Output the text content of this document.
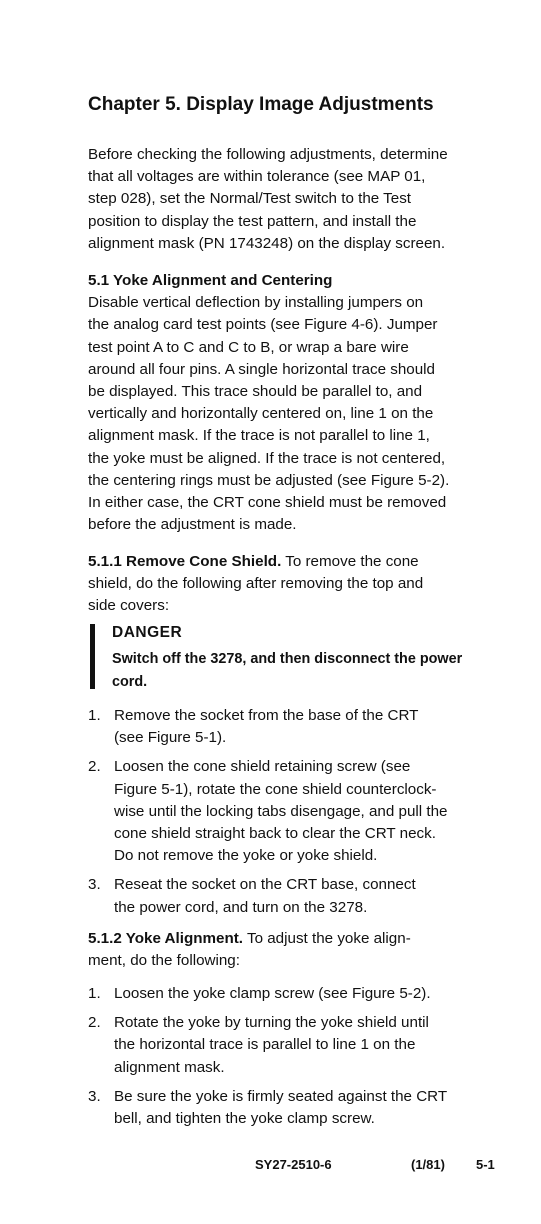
Chapter 5. Display Image Adjustments
Before checking the following adjustments, determine
that all voltages are within tolerance (see MAP 01,
step 028), set the Normal/Test switch to the Test
position to display the test pattern, and install the
alignment mask (PN 1743248) on the display screen.
5.1 Yoke Alignment and Centering
Disable vertical deflection by installing jumpers on
the analog card test points (see Figure 4-6). Jumper
test point A to C and C to B, or wrap a bare wire
around all four pins. A single horizontal trace should
be displayed. This trace should be parallel to, and
vertically and horizontally centered on, line 1 on the
alignment mask. If the trace is not parallel to line 1,
the yoke must be aligned. If the trace is not centered,
the centering rings must be adjusted (see Figure 5-2).
In either case, the CRT cone shield must be removed
before the adjustment is made.
5.1.1 Remove Cone Shield. To remove the cone
shield, do the following after removing the top and
side covers:
DANGER
Switch off the 3278, and then disconnect the power
cord.
1. Remove the socket from the base of the CRT
(see Figure 5-1).
2. Loosen the cone shield retaining screw (see
Figure 5-1), rotate the cone shield counterclock-
wise until the locking tabs disengage, and pull the
cone shield straight back to clear the CRT neck.
Do not remove the yoke or yoke shield.
3. Reseat the socket on the CRT base, connect
the power cord, and turn on the 3278.
5.1.2 Yoke Alignment. To adjust the yoke align-
ment, do the following:
1. Loosen the yoke clamp screw (see Figure 5-2).
2. Rotate the yoke by turning the yoke shield until
the horizontal trace is parallel to line 1 on the
alignment mask.
3. Be sure the yoke is firmly seated against the CRT
bell, and tighten the yoke clamp screw.
SY27-2510-6	(1/81) 5-1
